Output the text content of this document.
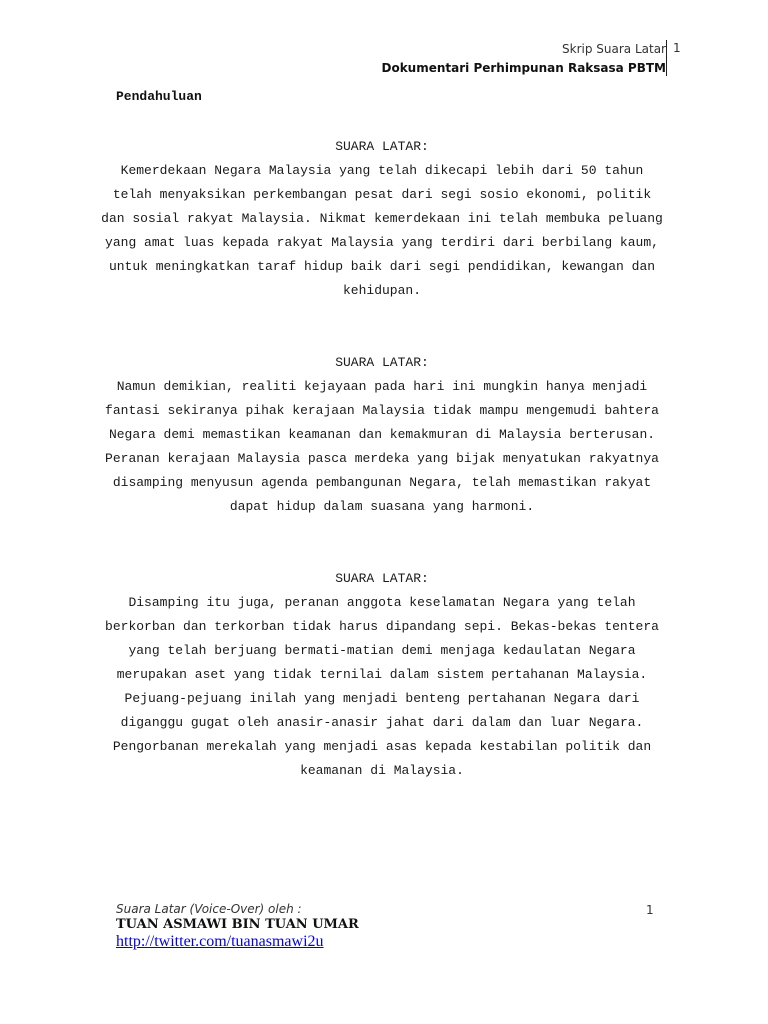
Skrip Suara Latar
Dokumentari Perhimpunan Raksasa PBTM
1
Pendahuluan
SUARA LATAR:
Kemerdekaan Negara Malaysia yang telah dikecapi lebih dari 50 tahun telah menyaksikan perkembangan pesat dari segi sosio ekonomi, politik dan sosial rakyat Malaysia. Nikmat kemerdekaan ini telah membuka peluang yang amat luas kepada rakyat Malaysia yang terdiri dari berbilang kaum, untuk meningkatkan taraf hidup baik dari segi pendidikan, kewangan dan kehidupan.
SUARA LATAR:
Namun demikian, realiti kejayaan pada hari ini mungkin hanya menjadi fantasi sekiranya pihak kerajaan Malaysia tidak mampu mengemudi bahtera Negara demi memastikan keamanan dan kemakmuran di Malaysia berterusan. Peranan kerajaan Malaysia pasca merdeka yang bijak menyatukan rakyatnya disamping menyusun agenda pembangunan Negara, telah memastikan rakyat dapat hidup dalam suasana yang harmoni.
SUARA LATAR:
Disamping itu juga, peranan anggota keselamatan Negara yang telah berkorban dan terkorban tidak harus dipandang sepi. Bekas-bekas tentera yang telah berjuang bermati-matian demi menjaga kedaulatan Negara merupakan aset yang tidak ternilai dalam sistem pertahanan Malaysia. Pejuang-pejuang inilah yang menjadi benteng pertahanan Negara dari diganggu gugat oleh anasir-anasir jahat dari dalam dan luar Negara. Pengorbanan merekalah yang menjadi asas kepada kestabilan politik dan keamanan di Malaysia.
Suara Latar (Voice-Over) oleh :
TUAN ASMAWI BIN TUAN UMAR
http://twitter.com/tuanasmawi2u
1
